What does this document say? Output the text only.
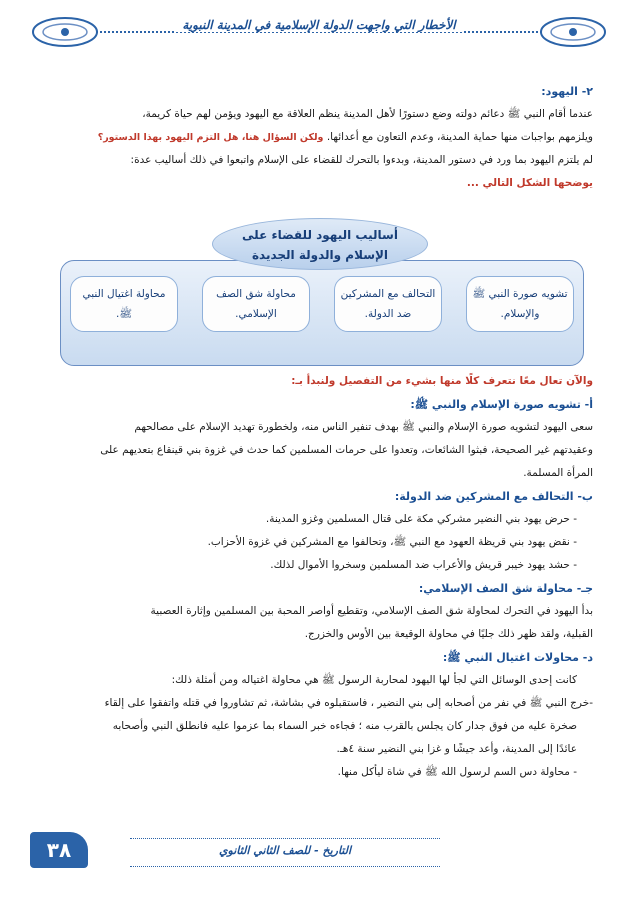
الأخطار التي واجهت الدولة الإسلامية في المدينة النبوية

٢- اليهود:

عندما أقام النبي ﷺ دعائم دولته وضع دستورًا لأهل المدينة ينظم العلاقة مع اليهود ويؤمن لهم حياة كريمة،

ويلزمهم بواجبات منها حماية المدينة، وعدم التعاون مع أعدائها. ولكن السؤال هنا، هل التزم اليهود بهذا الدستور؟

لم يلتزم اليهود بما ورد في دستور المدينة، وبدءوا بالتحرك للقضاء على الإسلام واتبعوا في ذلك أساليب عدة:

يوضحها الشكل التالي ...

أساليب اليهود للقضاء على
الإسلام والدولة الجديدة
تشويه صورة النبي ﷺ والإسلام.
التحالف مع المشركين ضد الدولة.
محاولة شق الصف الإسلامي.
محاولة اغتيال النبي ﷺ.

والآن تعال معًا نتعرف كلًا منها بشيء من التفصيل ولنبدأ بـ:

أ- تشويه صورة الإسلام والنبي ﷺ:

سعى اليهود لتشويه صورة الإسلام والنبي ﷺ بهدف تنفير الناس منه، ولخطورة تهديد الإسلام على مصالحهم

وعقيدتهم غير الصحيحة، فبثوا الشائعات، وتعدوا على حرمات المسلمين كما حدث في غزوة بني قينقاع بتعديهم على

المرأة المسلمة.

ب- التحالف مع المشركين ضد الدولة:

- حرض يهود بني النضير مشركي مكة على قتال المسلمين وغزو المدينة.

- نقض يهود بني قريظة العهود مع النبي ﷺ، وتحالفوا مع المشركين في غزوة الأحزاب.

- حشد يهود خيبر قريش والأعراب ضد المسلمين وسخروا الأموال لذلك.

جـ- محاولة شق الصف الإسلامي:

بدأ اليهود في التحرك لمحاولة شق الصف الإسلامي، وتقطيع أواصر المحبة بين المسلمين وإثارة العصبية

القبلية، ولقد ظهر ذلك جليًا في محاولة الوقيعة بين الأوس والخزرج.

د- محاولات اغتيال النبي ﷺ:

كانت إحدى الوسائل التي لجأ لها اليهود لمحاربة الرسول ﷺ هي محاولة اغتياله ومن أمثلة ذلك:

-خرج النبي ﷺ في نفر من أصحابه إلى بني النضير ، فاستقبلوه في بشاشة، ثم تشاوروا في قتله واتفقوا على إلقاء

صخرة عليه من فوق جدار كان يجلس بالقرب منه ؛ فجاءه خبر السماء بما عزموا عليه فانطلق النبي وأصحابه

عائدًا إلى المدينة، وأعد جيشًا و غزا بني النضير سنة ٤هـ.

- محاولة دس السم لرسول الله ﷺ في شاة ليأكل منها.

٣٨	التاريخ - للصف الثاني الثانوي
